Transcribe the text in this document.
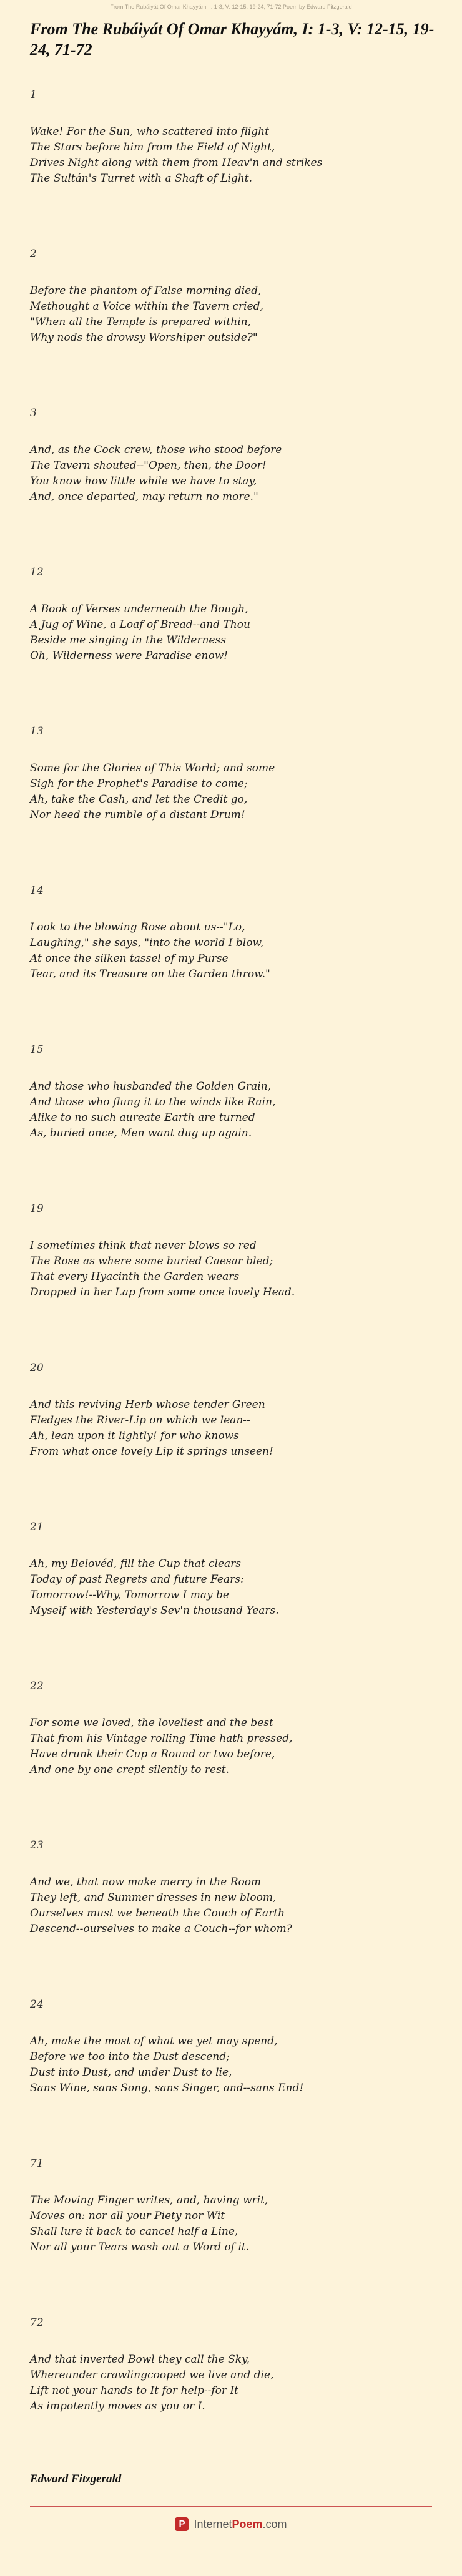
From The Rubáiyát Of Omar Khayyám, I: 1-3, V: 12-15, 19-24, 71-72 Poem by Edward Fitzgerald
From The Rubáiyát Of Omar Khayyám, I: 1-3, V: 12-15, 19-24, 71-72
1
Wake! For the Sun, who scattered into flight
The Stars before him from the Field of Night,
Drives Night along with them from Heav'n and strikes
The Sultán's Turret with a Shaft of Light.
2
Before the phantom of False morning died,
Methought a Voice within the Tavern cried,
"When all the Temple is prepared within,
Why nods the drowsy Worshiper outside?"
3
And, as the Cock crew, those who stood before
The Tavern shouted--"Open, then, the Door!
You know how little while we have to stay,
And, once departed, may return no more."
12
A Book of Verses underneath the Bough,
A Jug of Wine, a Loaf of Bread--and Thou
Beside me singing in the Wilderness
Oh, Wilderness were Paradise enow!
13
Some for the Glories of This World; and some
Sigh for the Prophet's Paradise to come;
Ah, take the Cash, and let the Credit go,
Nor heed the rumble of a distant Drum!
14
Look to the blowing Rose about us--"Lo,
Laughing," she says, "into the world I blow,
At once the silken tassel of my Purse
Tear, and its Treasure on the Garden throw."
15
And those who husbanded the Golden Grain,
And those who flung it to the winds like Rain,
Alike to no such aureate Earth are turned
As, buried once, Men want dug up again.
19
I sometimes think that never blows so red
The Rose as where some buried Caesar bled;
That every Hyacinth the Garden wears
Dropped in her Lap from some once lovely Head.
20
And this reviving Herb whose tender Green
Fledges the River-Lip on which we lean--
Ah, lean upon it lightly! for who knows
From what once lovely Lip it springs unseen!
21
Ah, my Belovéd, fill the Cup that clears
Today of past Regrets and future Fears:
Tomorrow!--Why, Tomorrow I may be
Myself with Yesterday's Sev'n thousand Years.
22
For some we loved, the loveliest and the best
That from his Vintage rolling Time hath pressed,
Have drunk their Cup a Round or two before,
And one by one crept silently to rest.
23
And we, that now make merry in the Room
They left, and Summer dresses in new bloom,
Ourselves must we beneath the Couch of Earth
Descend--ourselves to make a Couch--for whom?
24
Ah, make the most of what we yet may spend,
Before we too into the Dust descend;
Dust into Dust, and under Dust to lie,
Sans Wine, sans Song, sans Singer, and--sans End!
71
The Moving Finger writes, and, having writ,
Moves on: nor all your Piety nor Wit
Shall lure it back to cancel half a Line,
Nor all your Tears wash out a Word of it.
72
And that inverted Bowl they call the Sky,
Whereunder crawlingcooped we live and die,
Lift not your hands to It for help--for It
As impotently moves as you or I.
Edward Fitzgerald
P InternetPoem.com
